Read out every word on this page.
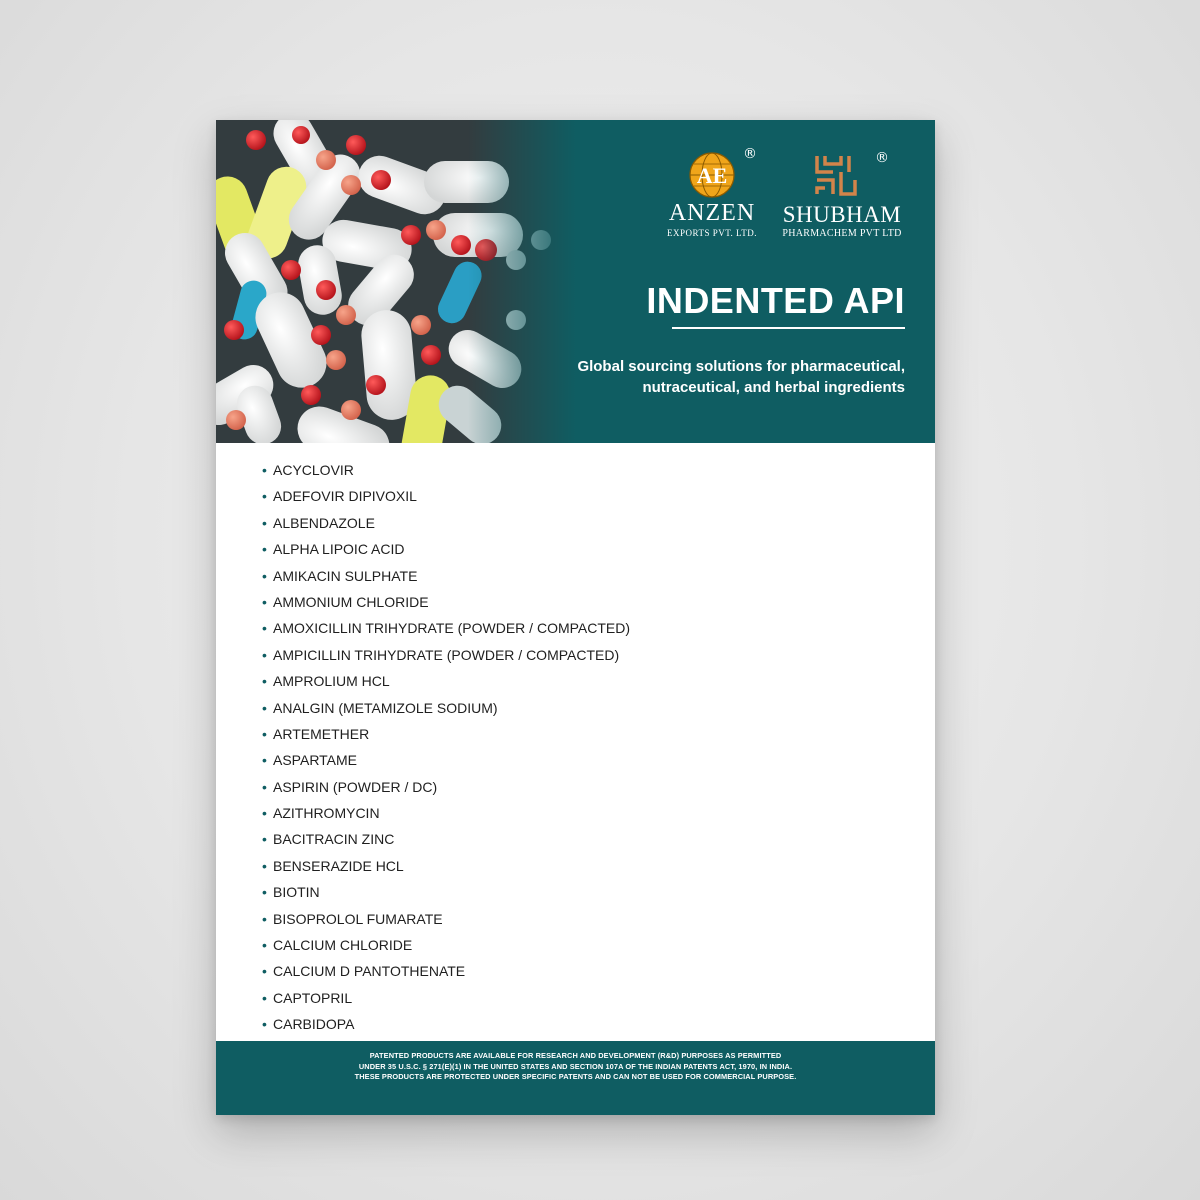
AE
®
ANZEN
EXPORTS PVT. LTD.
®
SHUBHAM
PHARMACHEM PVT LTD
INDENTED API
Global sourcing solutions for pharmaceutical,
nutraceutical, and herbal ingredients
• ACYCLOVIR
• ADEFOVIR DIPIVOXIL
• ALBENDAZOLE
• ALPHA LIPOIC ACID
• AMIKACIN SULPHATE
• AMMONIUM CHLORIDE
• AMOXICILLIN TRIHYDRATE (POWDER / COMPACTED)
• AMPICILLIN TRIHYDRATE (POWDER / COMPACTED)
• AMPROLIUM HCL
• ANALGIN (METAMIZOLE SODIUM)
• ARTEMETHER
• ASPARTAME
• ASPIRIN (POWDER / DC)
• AZITHROMYCIN
• BACITRACIN ZINC
• BENSERAZIDE HCL
• BIOTIN
• BISOPROLOL FUMARATE
• CALCIUM CHLORIDE
• CALCIUM D PANTOTHENATE
• CAPTOPRIL
• CARBIDOPA

PATENTED PRODUCTS ARE AVAILABLE FOR RESEARCH AND DEVELOPMENT (R&D) PURPOSES AS PERMITTED

UNDER 35 U.S.C. § 271(E)(1) IN THE UNITED STATES AND SECTION 107A OF THE INDIAN PATENTS ACT, 1970, IN INDIA.

THESE PRODUCTS ARE PROTECTED UNDER SPECIFIC PATENTS AND CAN NOT BE USED FOR COMMERCIAL PURPOSE.
